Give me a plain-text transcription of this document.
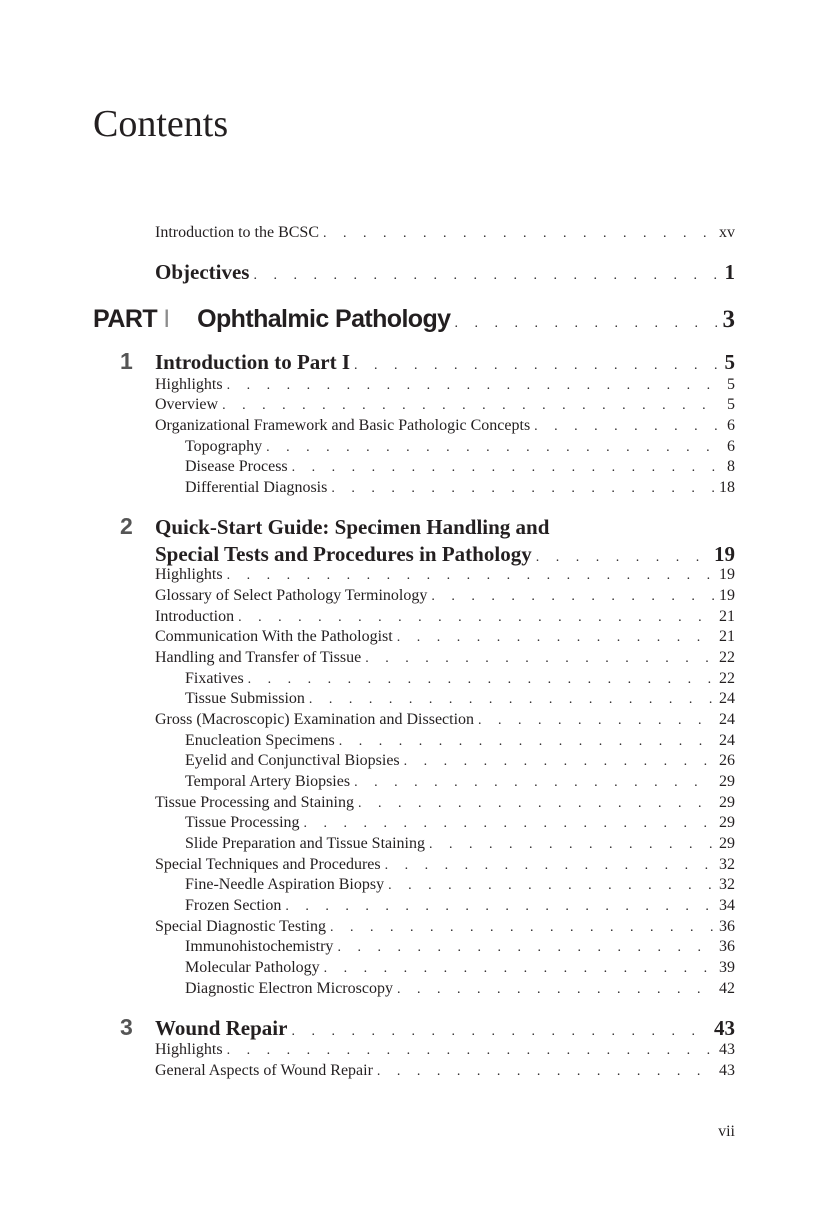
Contents
Introduction to the BCSC . . .	xv
Objectives . . .	1
PART I Ophthalmic Pathology . . .	3
1	Introduction to Part I . . .	5
Highlights . . .	5
Overview . . .	5
Organizational Framework and Basic Pathologic Concepts . . .	6
Topography . . .	6
Disease Process . . .	8
Differential Diagnosis . . .	18
2	Quick-Start Guide: Specimen Handling and
Special Tests and Procedures in Pathology . . .	19
Highlights . . .	19
Glossary of Select Pathology Terminology . . .	19
Introduction . . .	21
Communication With the Pathologist . . .	21
Handling and Transfer of Tissue . . .	22
Fixatives . . .	22
Tissue Submission . . .	24
Gross (Macroscopic) Examination and Dissection . . .	24
Enucleation Specimens . . .	24
Eyelid and Conjunctival Biopsies . . .	26
Temporal Artery Biopsies . . .	29
Tissue Processing and Staining . . .	29
Tissue Processing . . .	29
Slide Preparation and Tissue Staining . . .	29
Special Techniques and Procedures . . .	32
Fine-Needle Aspiration Biopsy . . .	32
Frozen Section . . .	34
Special Diagnostic Testing . . .	36
Immunohistochemistry . . .	36
Molecular Pathology . . .	39
Diagnostic Electron Microscopy . . .	42
3	Wound Repair . . .	43
Highlights . . .	43
General Aspects of Wound Repair . . .	43
vii
